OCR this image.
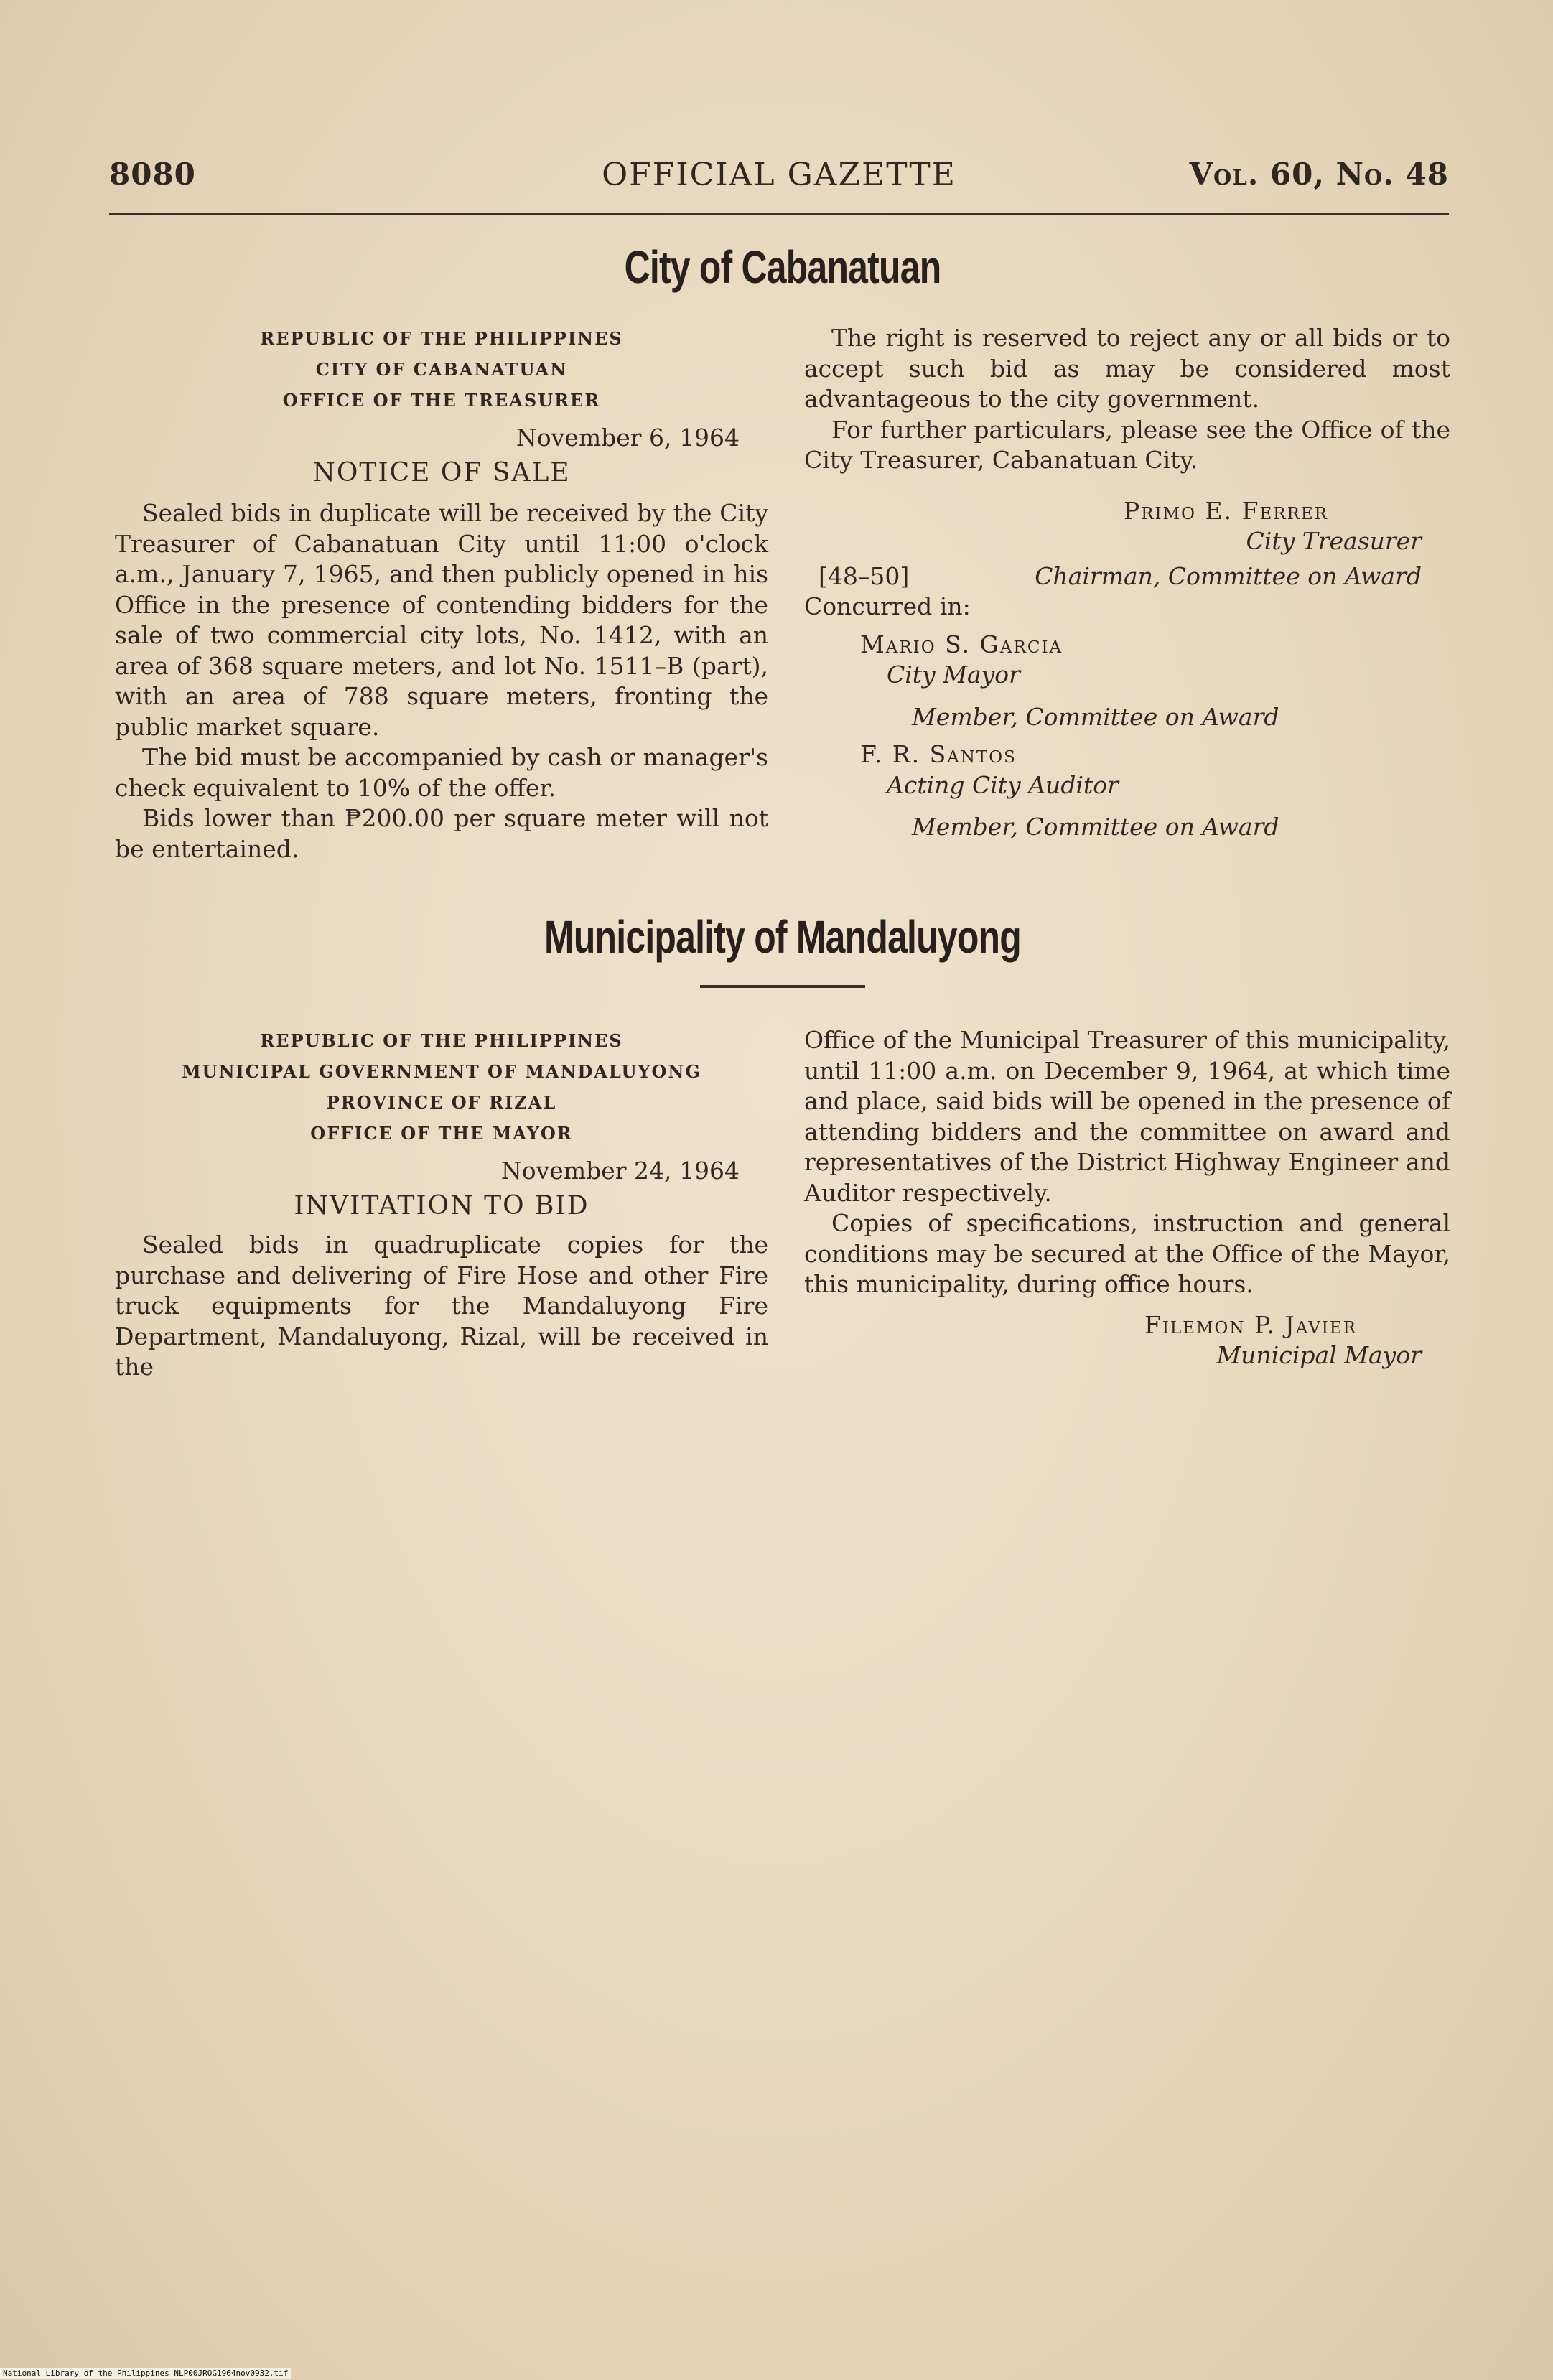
8080	OFFICIAL GAZETTE	Vol. 60, No. 48
City of Cabanatuan
REPUBLIC OF THE PHILIPPINES
CITY OF CABANATUAN
OFFICE OF THE TREASURER
November 6, 1964
NOTICE OF SALE

Sealed bids in duplicate will be received by the City Treasurer of Cabanatuan City until 11:00 o'clock a.m., January 7, 1965, and then publicly opened in his Office in the presence of contending bidders for the sale of two commercial city lots, No. 1412, with an area of 368 square meters, and lot No. 1511–B (part), with an area of 788 square meters, fronting the public market square.

The bid must be accompanied by cash or manager's check equivalent to 10% of the offer.

Bids lower than ₱200.00 per square meter will not be entertained.

The right is reserved to reject any or all bids or to accept such bid as may be considered most advantageous to the city government.

For further particulars, please see the Office of the City Treasurer, Cabanatuan City.

Primo E. Ferrer
City Treasurer
[48–50]	Chairman, Committee on Award
Concurred in:
Mario S. Garcia
City Mayor
Member, Committee on Award
F. R. Santos
Acting City Auditor
Member, Committee on Award
Municipality of Mandaluyong
REPUBLIC OF THE PHILIPPINES
MUNICIPAL GOVERNMENT OF MANDALUYONG
PROVINCE OF RIZAL
OFFICE OF THE MAYOR
November 24, 1964
INVITATION TO BID

Sealed bids in quadruplicate copies for the purchase and delivering of Fire Hose and other Fire truck equipments for the Mandaluyong Fire Department, Mandaluyong, Rizal, will be received in the

Office of the Municipal Treasurer of this municipality, until 11:00 a.m. on December 9, 1964, at which time and place, said bids will be opened in the presence of attending bidders and the committee on award and representatives of the District Highway Engineer and Auditor respectively.

Copies of specifications, instruction and general conditions may be secured at the Office of the Mayor, this municipality, during office hours.

Filemon P. Javier
Municipal Mayor
National Library of the Philippines NLP00JROG1964nov0932.tif
